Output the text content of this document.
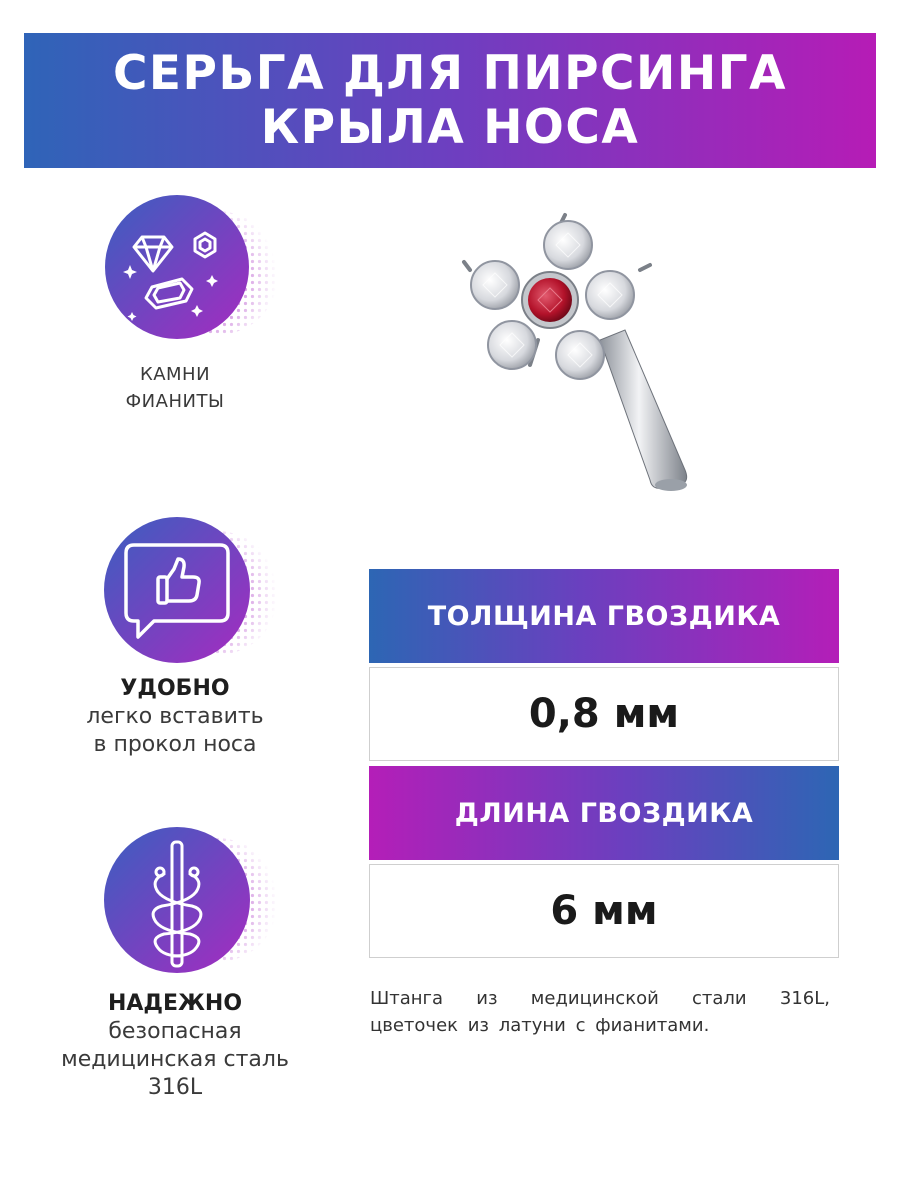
СЕРЬГА ДЛЯ ПИРСИНГА
КРЫЛА НОСА
КАМНИ
ФИАНИТЫ
УДОБНО
легко вставить
в прокол носа
НАДЕЖНО
безопасная
медицинская сталь
316L
ТОЛЩИНА ГВОЗДИКА
0,8 мм
ДЛИНА ГВОЗДИКА
6 мм
Штанга из медицинской стали 316L, цветочек из латуни с фианитами.
